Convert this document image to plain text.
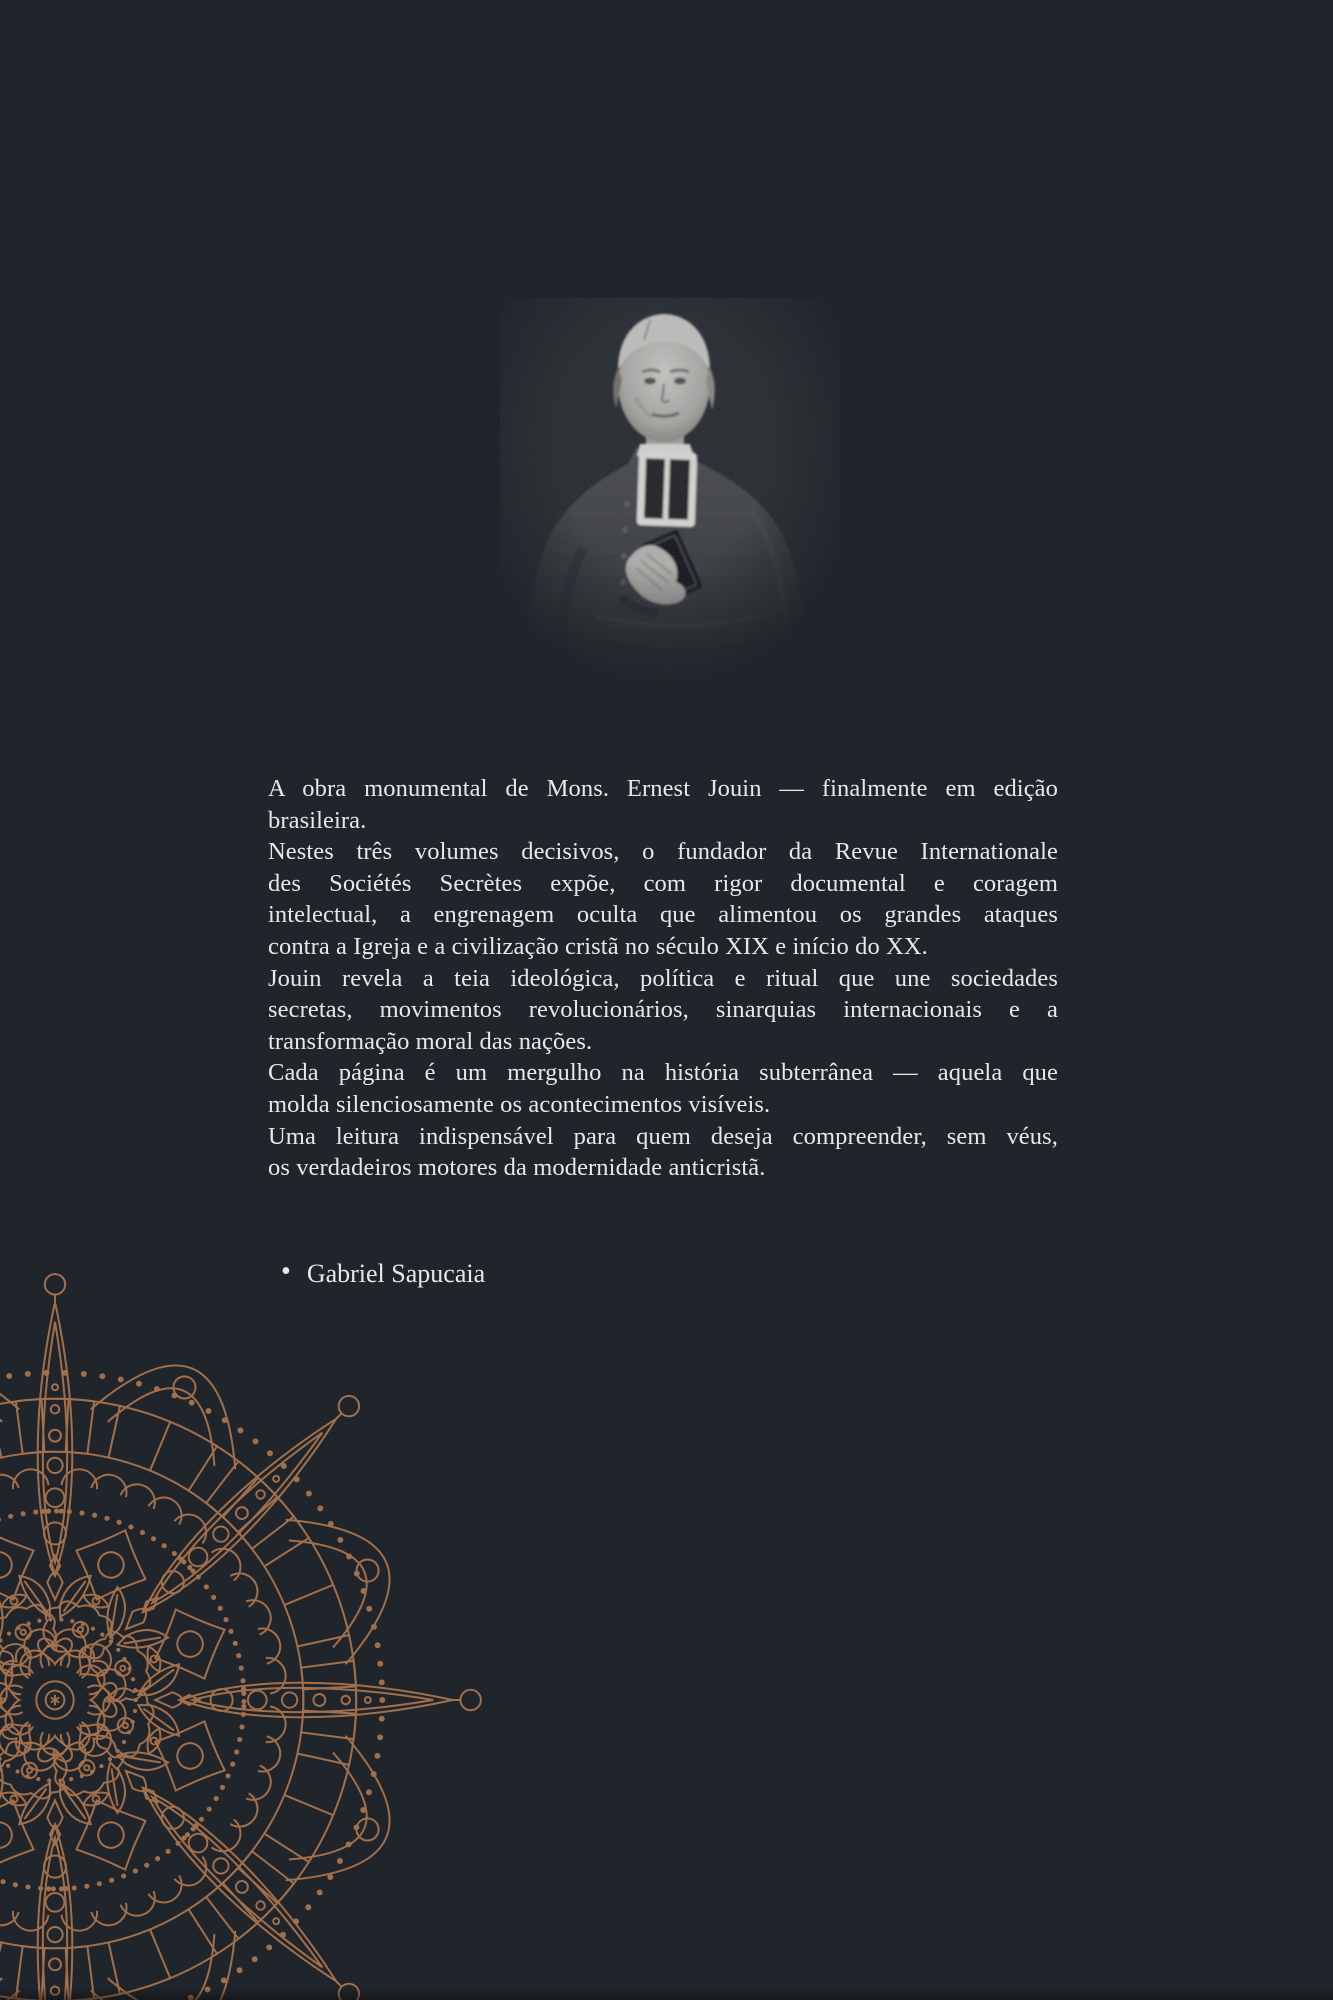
A obra monumental de Mons. Ernest Jouin — finalmente em edição
brasileira.
Nestes três volumes decisivos, o fundador da Revue Internationale
des Sociétés Secrètes expõe, com rigor documental e coragem
intelectual, a engrenagem oculta que alimentou os grandes ataques
contra a Igreja e a civilização cristã no século XIX e início do XX.
Jouin revela a teia ideológica, política e ritual que une sociedades
secretas, movimentos revolucionários, sinarquias internacionais e a
transformação moral das nações.
Cada página é um mergulho na história subterrânea — aquela que
molda silenciosamente os acontecimentos visíveis.
Uma leitura indispensável para quem deseja compreender, sem véus,
os verdadeiros motores da modernidade anticristã.
• Gabriel Sapucaia
